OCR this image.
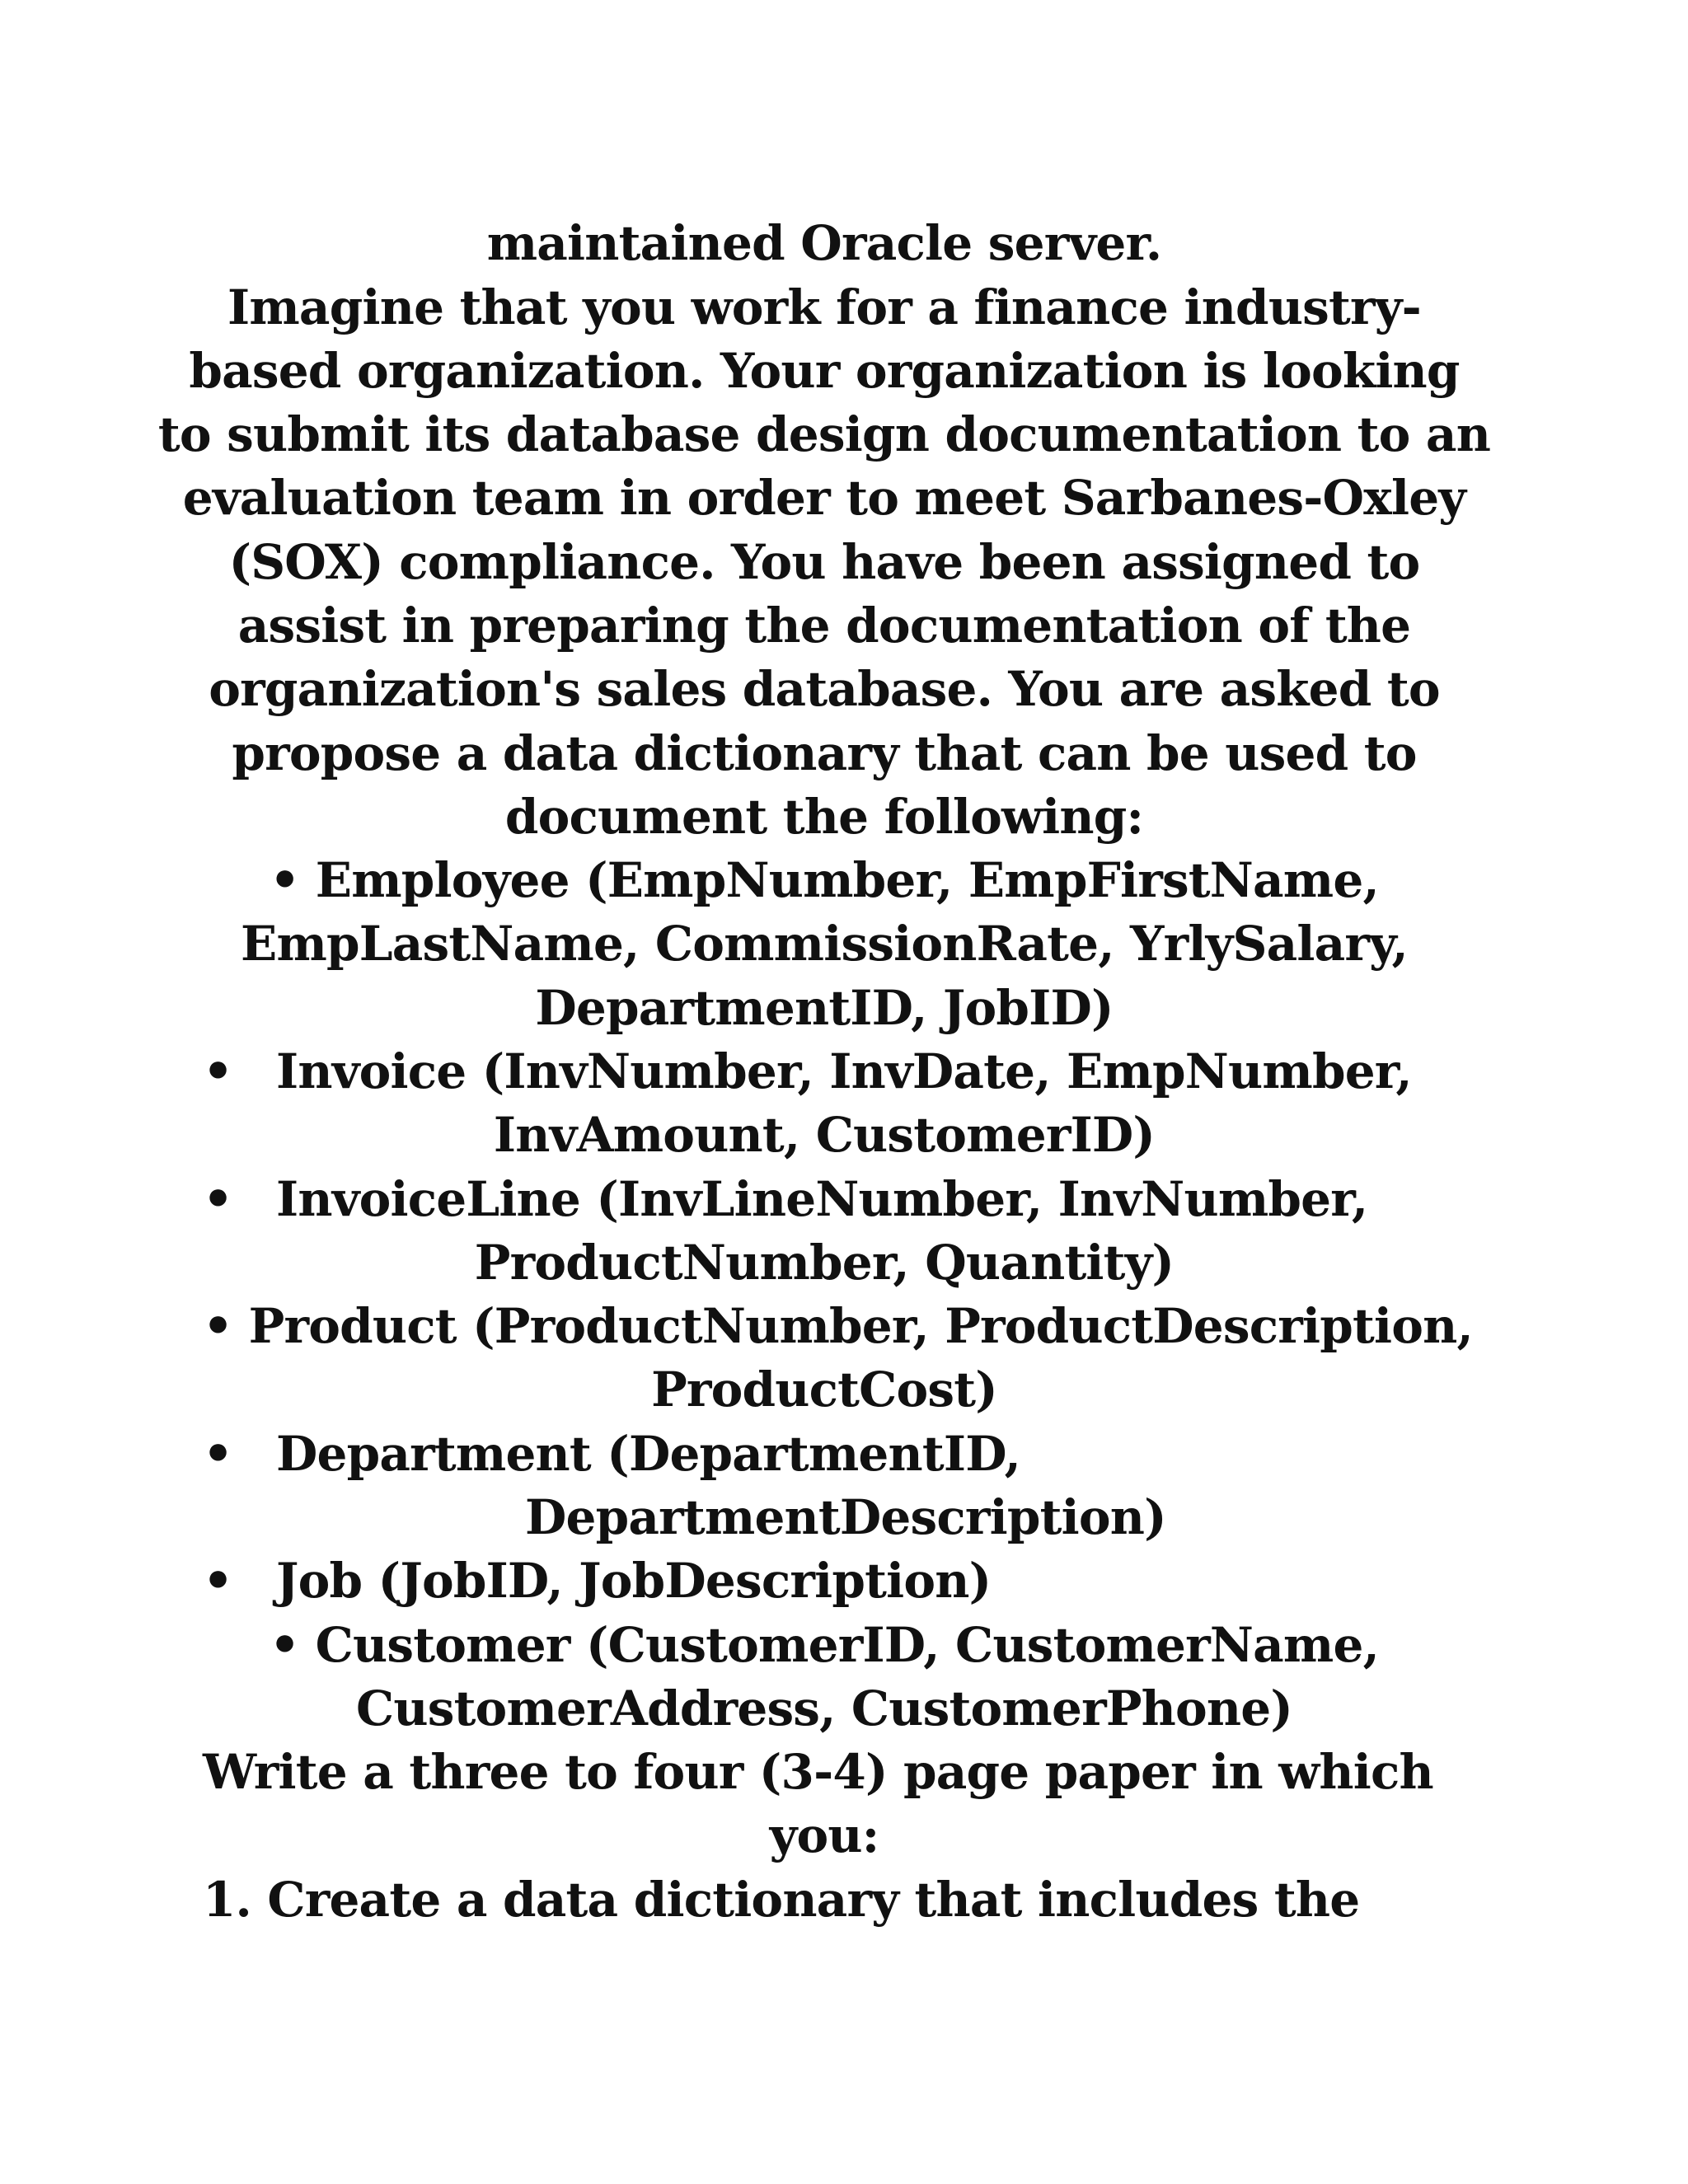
maintained Oracle server.
Imagine that you work for a finance industry-
based organization. Your organization is looking
to submit its database design documentation to an
evaluation team in order to meet Sarbanes-Oxley
(SOX) compliance. You have been assigned to
assist in preparing the documentation of the
organization's sales database. You are asked to
propose a data dictionary that can be used to
document the following:
• Employee (EmpNumber, EmpFirstName,
EmpLastName, CommissionRate, YrlySalary,
DepartmentID, JobID)
• Invoice (InvNumber, InvDate, EmpNumber,
InvAmount, CustomerID)
• InvoiceLine (InvLineNumber, InvNumber,
ProductNumber, Quantity)
• Product (ProductNumber, ProductDescription,
ProductCost)
• Department (DepartmentID,
DepartmentDescription)
• Job (JobID, JobDescription)
• Customer (CustomerID, CustomerName,
CustomerAddress, CustomerPhone)
Write a three to four (3-4) page paper in which
you:
1. Create a data dictionary that includes the
